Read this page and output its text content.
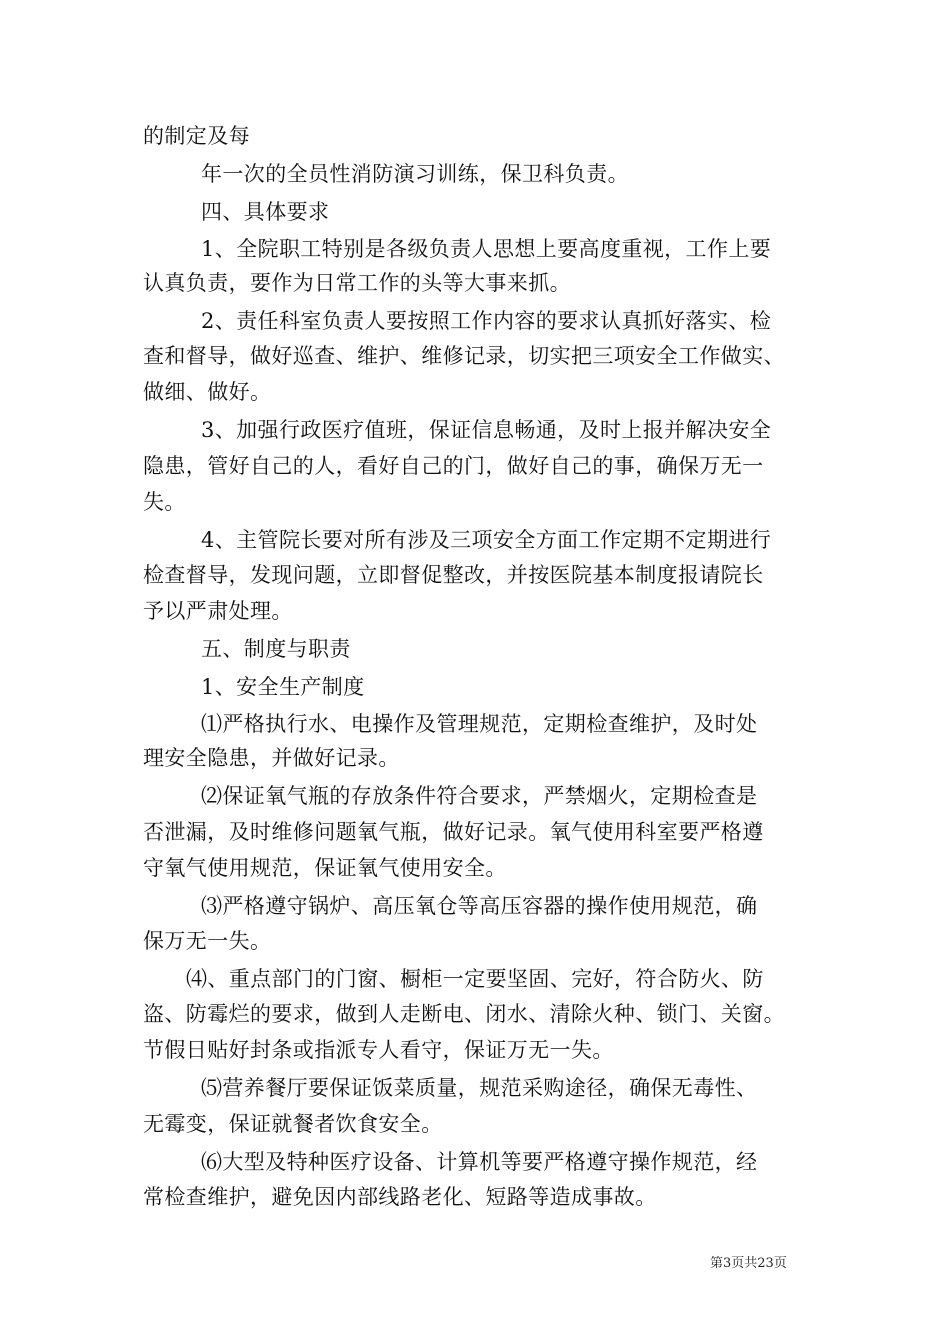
的制定及每
年一次的全员性消防演习训练，保卫科负责。
四、具体要求
1、全院职工特别是各级负责人思想上要高度重视，工作上要
认真负责，要作为日常工作的头等大事来抓。
2、责任科室负责人要按照工作内容的要求认真抓好落实、检
查和督导，做好巡查、维护、维修记录，切实把三项安全工作做实、
做细、做好。
3、加强行政医疗值班，保证信息畅通，及时上报并解决安全
隐患，管好自己的人，看好自己的门，做好自己的事，确保万无一
失。
4、主管院长要对所有涉及三项安全方面工作定期不定期进行
检查督导，发现问题，立即督促整改，并按医院基本制度报请院长
予以严肃处理。
五、制度与职责
1、安全生产制度
⑴严格执行水、电操作及管理规范，定期检查维护，及时处
理安全隐患，并做好记录。
⑵保证氧气瓶的存放条件符合要求，严禁烟火，定期检查是
否泄漏，及时维修问题氧气瓶，做好记录。氧气使用科室要严格遵
守氧气使用规范，保证氧气使用安全。
⑶严格遵守锅炉、高压氧仓等高压容器的操作使用规范，确
保万无一失。
⑷、重点部门的门窗、橱柜一定要坚固、完好，符合防火、防
盗、防霉烂的要求，做到人走断电、闭水、清除火种、锁门、关窗。
节假日贴好封条或指派专人看守，保证万无一失。
⑸营养餐厅要保证饭菜质量，规范采购途径，确保无毒性、
无霉变，保证就餐者饮食安全。
⑹大型及特种医疗设备、计算机等要严格遵守操作规范，经
常检查维护，避免因内部线路老化、短路等造成事故。
第3页共23页
